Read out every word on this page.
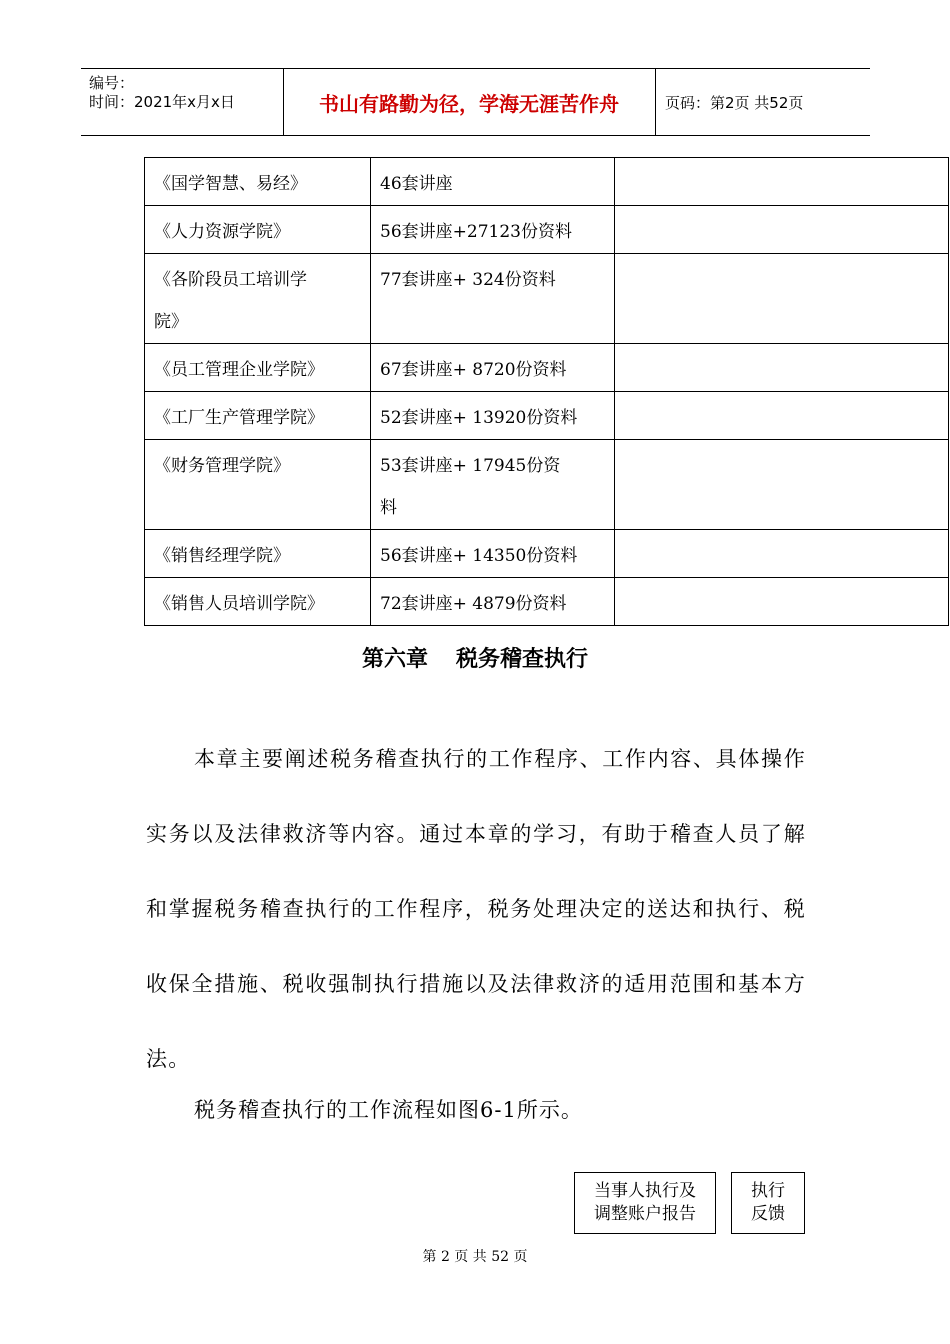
编号：
时间：2021年x月x日	书山有路勤为径，学海无涯苦作舟	页码：第2页 共52页
《国学智慧、易经》	46套讲座	
《人力资源学院》	56套讲座+27123份资料	

《各阶段员工培训学
院》	77套讲座+ 324份资料	
《员工管理企业学院》	67套讲座+ 8720份资料	
《工厂生产管理学院》	52套讲座+ 13920份资料	
《财务管理学院》	53套讲座+ 17945份资
料	

《销售经理学院》	56套讲座+ 14350份资料	
《销售人员培训学院》	72套讲座+ 4879份资料	
第六章 税务稽查执行
本章主要阐述税务稽查执行的工作程序、工作内容、具体操作实务以及法律救济等内容。通过本章的学习，有助于稽查人员了解和掌握税务稽查执行的工作程序，税务处理决定的送达和执行、税收保全措施、税收强制执行措施以及法律救济的适用范围和基本方法。
税务稽查执行的工作流程如图6-1所示。
当事人执行及
调整账户报告
执行
反馈
第 2 页 共 52 页
